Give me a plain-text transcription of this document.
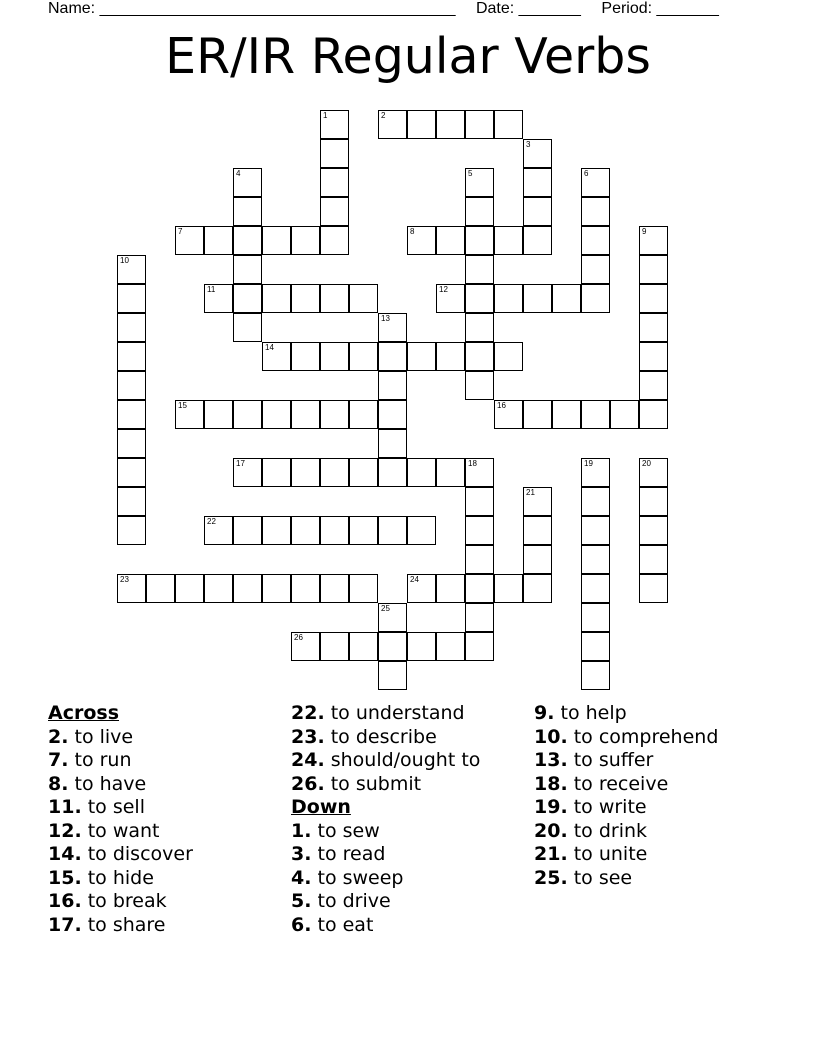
Name: ________________________________________ Date: _______ Period: _______
ER/IR Regular Verbs
1	2
3
4	5	6
7	8	9
10
11	12
13
14
15	16
17	18	19	20
21
22
23	24
25
26
Across
2. to live
7. to run
8. to have
11. to sell
12. to want
14. to discover
15. to hide
16. to break
17. to share
22. to understand
23. to describe
24. should/ought to
26. to submit
Down
1. to sew
3. to read
4. to sweep
5. to drive
6. to eat
9. to help
10. to comprehend
13. to suffer
18. to receive
19. to write
20. to drink
21. to unite
25. to see
